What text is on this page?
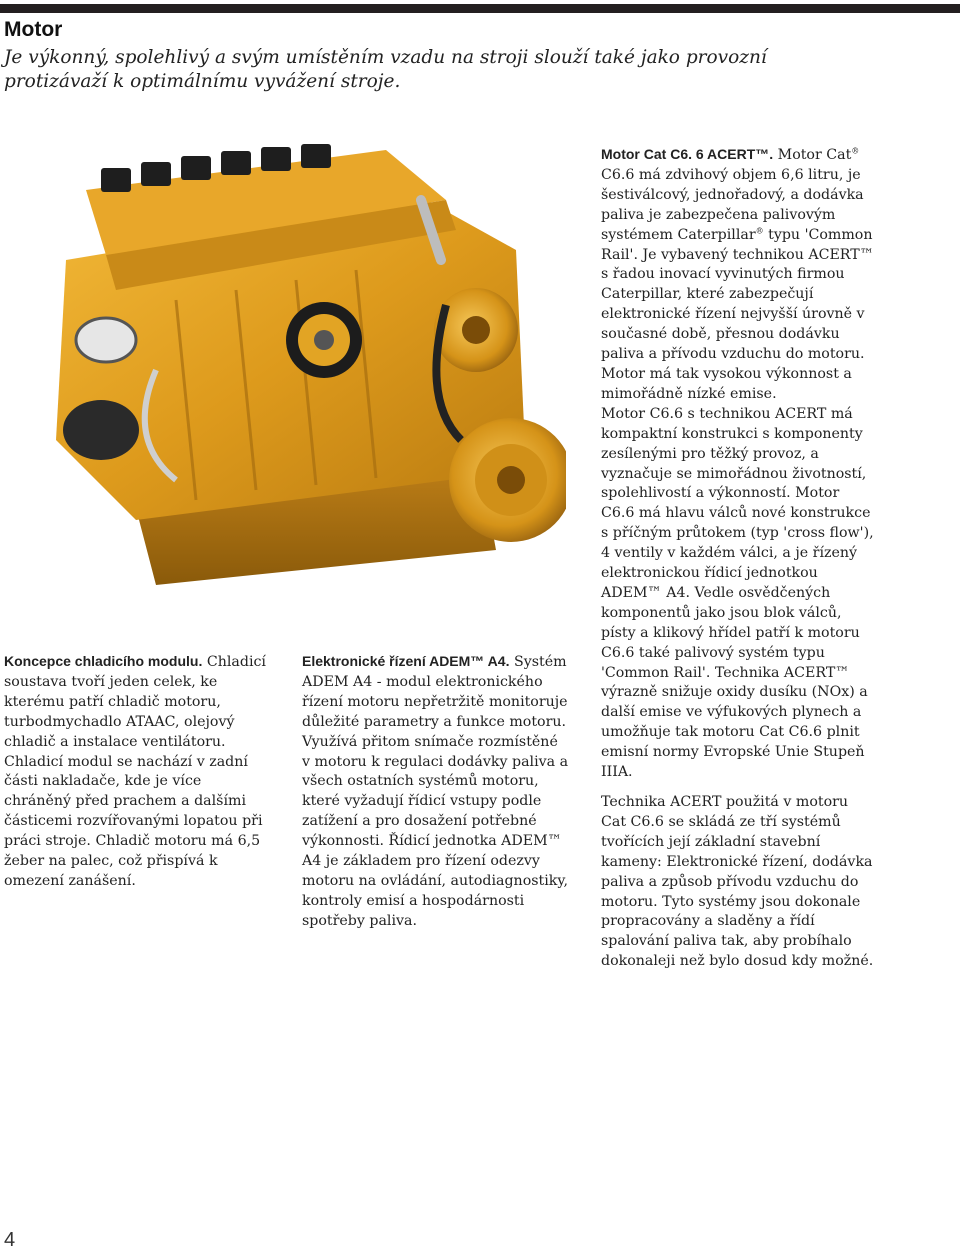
Motor
Je výkonný, spolehlivý a svým umístěním vzadu na stroji slouží také jako provozní protizávaží k optimálnímu vyvážení stroje.

Koncepce chladicího modulu. Chladicí soustava tvoří jeden celek, ke kterému patří chladič motoru, turbodmychadlo ATAAC, olejový chladič a instalace ventilátoru. Chladicí modul se nachází v zadní části nakladače, kde je více chráněný před prachem a dalšími částicemi rozvířovanými lopatou při práci stroje. Chladič motoru má 6,5 žeber na palec, což přispívá k omezení zanášení.

Elektronické řízení ADEM™ A4. Systém ADEM A4 - modul elektronického řízení motoru nepřetržitě monitoruje důležité parametry a funkce motoru. Využívá přitom snímače rozmístěné v motoru k regulaci dodávky paliva a všech ostatních systémů motoru, které vyžadují řídicí vstupy podle zatížení a pro dosažení potřebné výkonnosti. Řídicí jednotka ADEM™ A4 je základem pro řízení odezvy motoru na ovládání, autodiagnostiky, kontroly emisí a hospodárnosti spotřeby paliva.

Motor Cat C6. 6 ACERT™. Motor Cat® C6.6 má zdvihový objem 6,6 litru, je šestiválcový, jednořadový, a dodávka paliva je zabezpečena palivovým systémem Caterpillar® typu 'Common Rail'. Je vybavený technikou ACERT™ s řadou inovací vyvinutých firmou Caterpillar, které zabezpečují elektronické řízení nejvyšší úrovně v současné době, přesnou dodávku paliva a přívodu vzduchu do motoru. Motor má tak vysokou výkonnost a mimořádně nízké emise.

Motor C6.6 s technikou ACERT má kompaktní konstrukci s komponenty zesílenými pro těžký provoz, a vyznačuje se mimořádnou životností, spolehlivostí a výkonností. Motor C6.6 má hlavu válců nové konstrukce s příčným průtokem (typ 'cross flow'), 4 ventily v každém válci, a je řízený elektronickou řídicí jednotkou ADEM™ A4. Vedle osvědčených komponentů jako jsou blok válců, písty a klikový hřídel patří k motoru C6.6 také palivový systém typu 'Common Rail'. Technika ACERT™ výrazně snižuje oxidy dusíku (NOx) a další emise ve výfukových plynech a umožňuje tak motoru Cat C6.6 plnit emisní normy Evropské Unie Stupeň IIIA.

Technika ACERT použitá v motoru Cat C6.6 se skládá ze tří systémů tvořících její základní stavební kameny: Elektronické řízení, dodávka paliva a způsob přívodu vzduchu do motoru. Tyto systémy jsou dokonale propracovány a sladěny a řídí spalování paliva tak, aby probíhalo dokonaleji než bylo dosud kdy možné.

4
